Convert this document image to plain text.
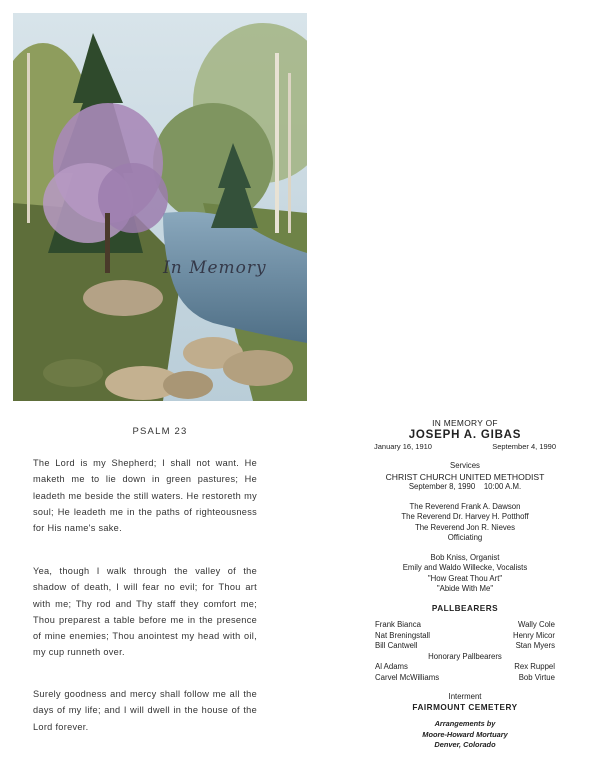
In Memory
PSALM 23

The Lord is my Shepherd; I shall not want. He maketh me to lie down in green pastures; He leadeth me beside the still waters. He restoreth my soul; He leadeth me in the paths of righteousness for His name's sake.

Yea, though I walk through the valley of the shadow of death, I will fear no evil; for Thou art with me; Thy rod and Thy staff they comfort me; Thou preparest a table before me in the presence of mine enemies; Thou anointest my head with oil, my cup runneth over.

Surely goodness and mercy shall follow me all the days of my life; and I will dwell in the house of the Lord forever.

IN MEMORY OF
JOSEPH A. GIBAS
January 16, 1910	September 4, 1990
Services
CHRIST CHURCH UNITED METHODIST
September 8, 1990    10:00 A.M.
The Reverend Frank A. Dawson
The Reverend Dr. Harvey H. Potthoff
The Reverend Jon R. Nieves
Officiating
Bob Kniss, Organist
Emily and Waldo Willecke, Vocalists
"How Great Thou Art"
"Abide With Me"
PALLBEARERS
Frank Bianca	Wally Cole
Nat Breningstall	Henry Micor
Bill Cantwell	Stan Myers
Honorary Pallbearers
Al Adams	Rex Ruppel
Carvel McWilliams	Bob Virtue
Interment
FAIRMOUNT CEMETERY
Arrangements by
Moore-Howard Mortuary
Denver, Colorado
